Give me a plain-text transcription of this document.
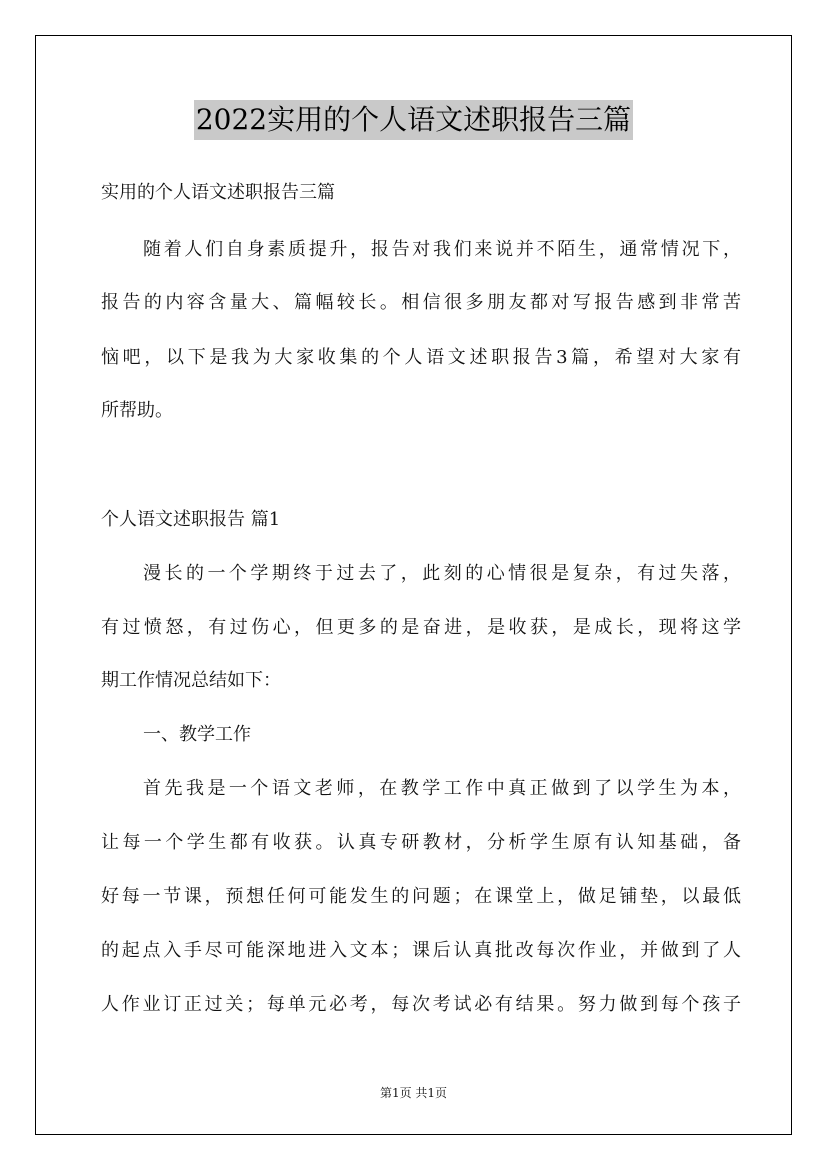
2022实用的个人语文述职报告三篇
实用的个人语文述职报告三篇
随着人们自身素质提升，报告对我们来说并不陌生，通常情况下，
报告的内容含量大、篇幅较长。相信很多朋友都对写报告感到非常苦
恼吧，以下是我为大家收集的个人语文述职报告3篇，希望对大家有
所帮助。
个人语文述职报告 篇1
漫长的一个学期终于过去了，此刻的心情很是复杂，有过失落，
有过愤怒，有过伤心，但更多的是奋进，是收获，是成长，现将这学
期工作情况总结如下：
一、教学工作
首先我是一个语文老师，在教学工作中真正做到了以学生为本，
让每一个学生都有收获。认真专研教材，分析学生原有认知基础，备
好每一节课，预想任何可能发生的问题；在课堂上，做足铺垫，以最低
的起点入手尽可能深地进入文本；课后认真批改每次作业，并做到了人
人作业订正过关；每单元必考，每次考试必有结果。努力做到每个孩子
第1页 共1页
